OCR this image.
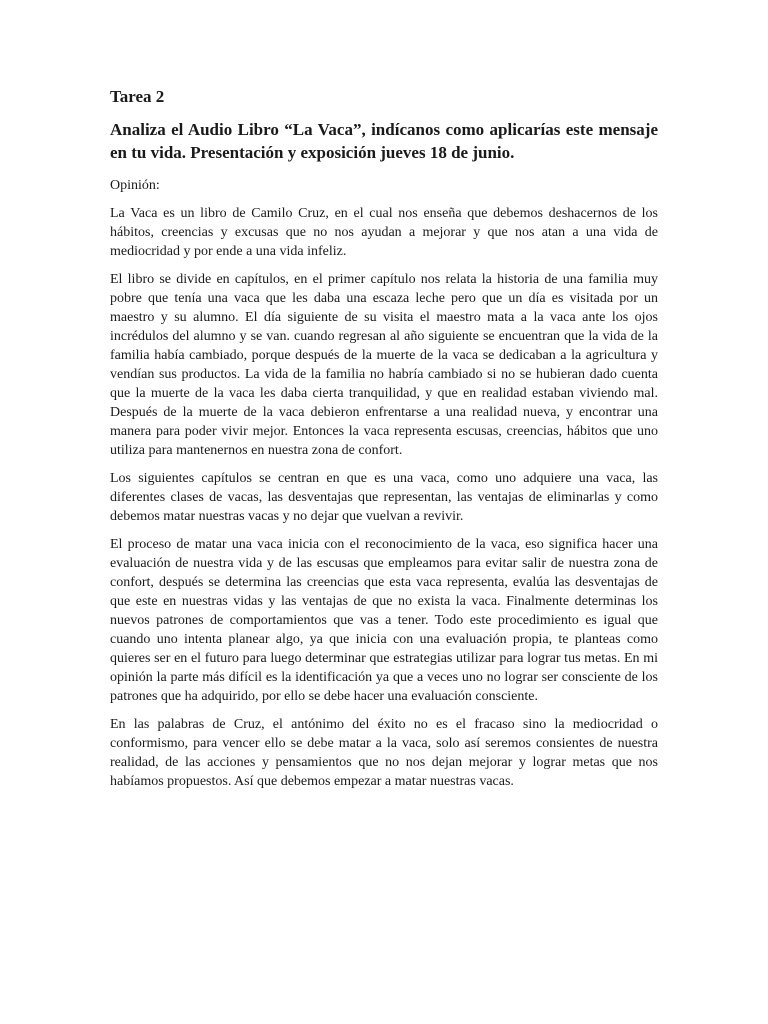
Tarea 2
Analiza el Audio Libro “La Vaca”, indícanos como aplicarías este mensaje en tu vida. Presentación y exposición jueves 18 de junio.
Opinión:

La Vaca es un libro de Camilo Cruz, en el cual nos enseña que debemos deshacernos de los hábitos, creencias y excusas que no nos ayudan a mejorar y que nos atan a una vida de mediocridad y por ende a una vida infeliz.

El libro se divide en capítulos, en el primer capítulo nos relata la historia de una familia muy pobre que tenía una vaca que les daba una escaza leche pero que un día es visitada por un maestro y su alumno. El día siguiente de su visita el maestro mata a la vaca ante los ojos incrédulos del alumno y se van. cuando regresan al año siguiente se encuentran que la vida de la familia había cambiado, porque después de la muerte de la vaca se dedicaban a la agricultura y vendían sus productos. La vida de la familia no habría cambiado si no se hubieran dado cuenta que la muerte de la vaca les daba cierta tranquilidad, y que en realidad estaban viviendo mal. Después de la muerte de la vaca debieron enfrentarse a una realidad nueva, y encontrar una manera para poder vivir mejor. Entonces la vaca representa escusas, creencias, hábitos que uno utiliza para mantenernos en nuestra zona de confort.

Los siguientes capítulos se centran en que es una vaca, como uno adquiere una vaca, las diferentes clases de vacas, las desventajas que representan, las ventajas de eliminarlas y como debemos matar nuestras vacas y no dejar que vuelvan a revivir.

El proceso de matar una vaca inicia con el reconocimiento de la vaca, eso significa hacer una evaluación de nuestra vida y de las escusas que empleamos para evitar salir de nuestra zona de confort, después se determina las creencias que esta vaca representa, evalúa las desventajas de que este en nuestras vidas y las ventajas de que no exista la vaca. Finalmente determinas los nuevos patrones de comportamientos que vas a tener. Todo este procedimiento es igual que cuando uno intenta planear algo, ya que inicia con una evaluación propia, te planteas como quieres ser en el futuro para luego determinar que estrategias utilizar para lograr tus metas. En mi opinión la parte más difícil es la identificación ya que a veces uno no lograr ser consciente de los patrones que ha adquirido, por ello se debe hacer una evaluación consciente.

En las palabras de Cruz, el antónimo del éxito no es el fracaso sino la mediocridad o conformismo, para vencer ello se debe matar a la vaca, solo así seremos consientes de nuestra realidad, de las acciones y pensamientos que no nos dejan mejorar y lograr metas que nos habíamos propuestos. Así que debemos empezar a matar nuestras vacas.
